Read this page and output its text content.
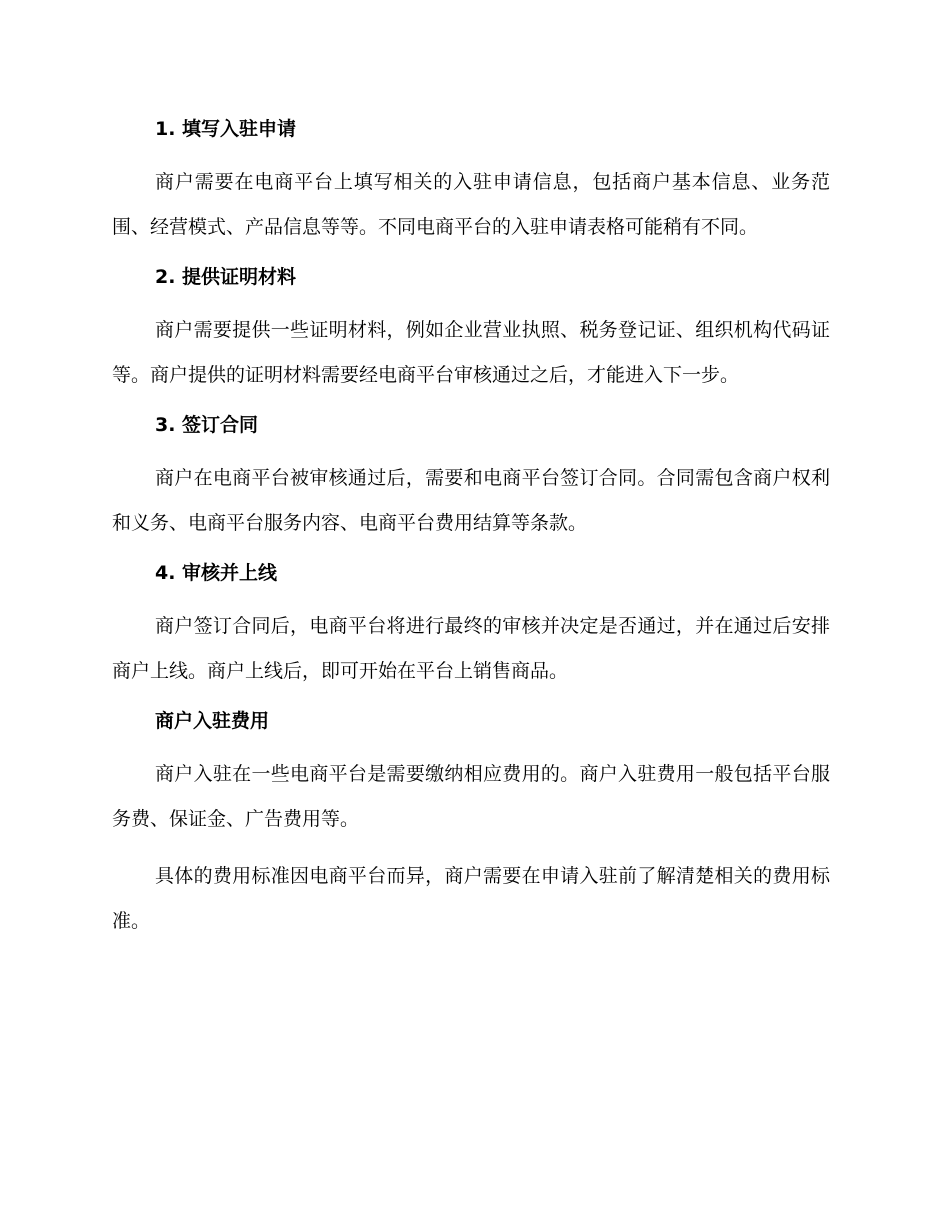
1. 填写入驻申请
商户需要在电商平台上填写相关的入驻申请信息，包括商户基本信息、业务范围、经营模式、产品信息等等。不同电商平台的入驻申请表格可能稍有不同。
2. 提供证明材料
商户需要提供一些证明材料，例如企业营业执照、税务登记证、组织机构代码证等。商户提供的证明材料需要经电商平台审核通过之后，才能进入下一步。
3. 签订合同
商户在电商平台被审核通过后，需要和电商平台签订合同。合同需包含商户权利和义务、电商平台服务内容、电商平台费用结算等条款。
4. 审核并上线
商户签订合同后，电商平台将进行最终的审核并决定是否通过，并在通过后安排商户上线。商户上线后，即可开始在平台上销售商品。
商户入驻费用
商户入驻在一些电商平台是需要缴纳相应费用的。商户入驻费用一般包括平台服务费、保证金、广告费用等。
具体的费用标准因电商平台而异，商户需要在申请入驻前了解清楚相关的费用标准。
